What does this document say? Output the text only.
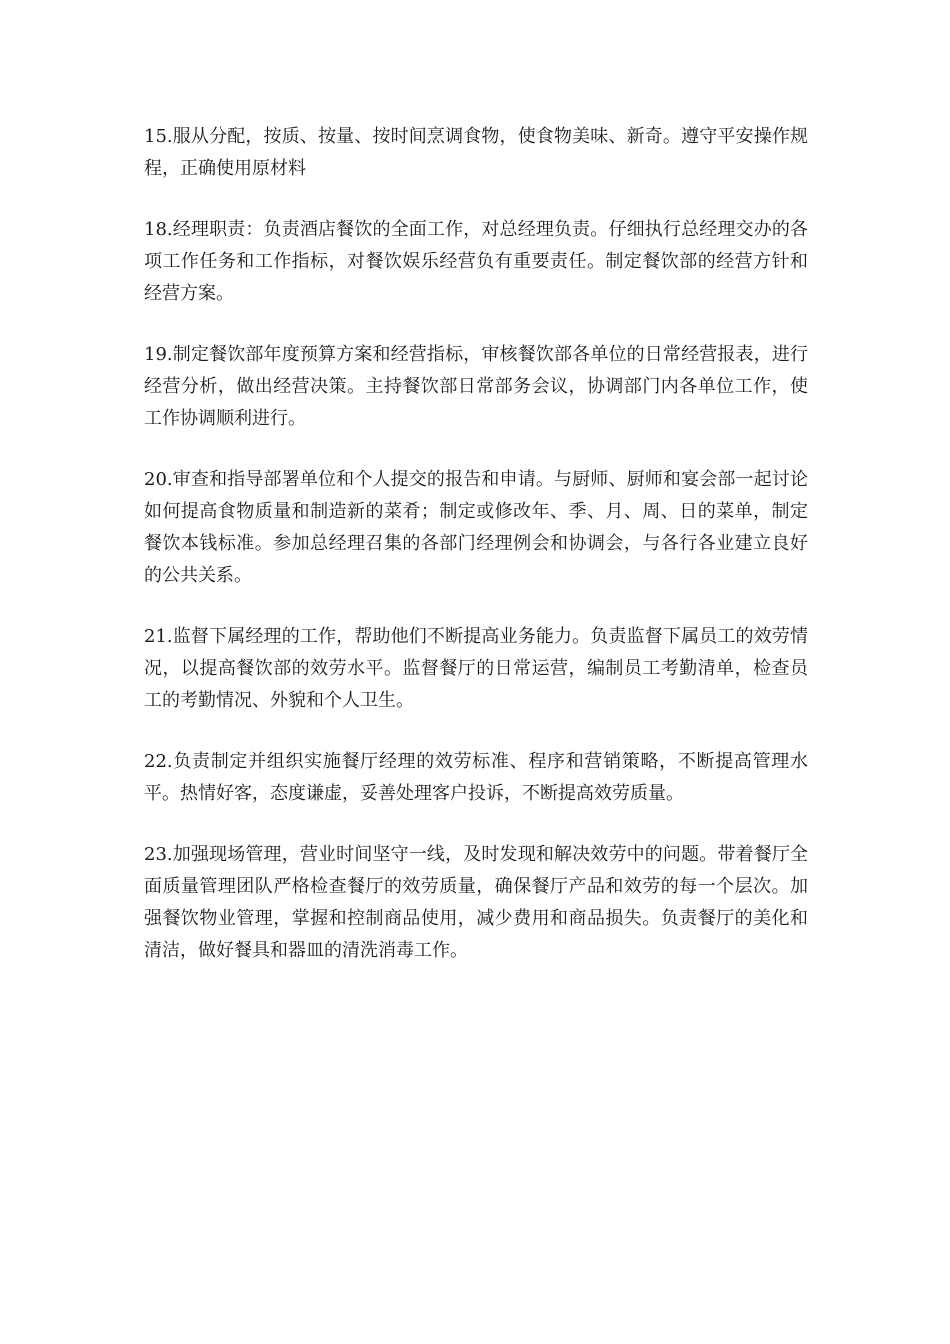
15.服从分配，按质、按量、按时间烹调食物，使食物美味、新奇。遵守平安操作规程，正确使用原材料

18.经理职责：负责酒店餐饮的全面工作，对总经理负责。仔细执行总经理交办的各项工作任务和工作指标，对餐饮娱乐经营负有重要责任。制定餐饮部的经营方针和经营方案。

19.制定餐饮部年度预算方案和经营指标，审核餐饮部各单位的日常经营报表，进行经营分析，做出经营决策。主持餐饮部日常部务会议，协调部门内各单位工作，使工作协调顺利进行。

20.审查和指导部署单位和个人提交的报告和申请。与厨师、厨师和宴会部一起讨论如何提高食物质量和制造新的菜肴；制定或修改年、季、月、周、日的菜单，制定餐饮本钱标准。参加总经理召集的各部门经理例会和协调会，与各行各业建立良好的公共关系。

21.监督下属经理的工作，帮助他们不断提高业务能力。负责监督下属员工的效劳情况，以提高餐饮部的效劳水平。监督餐厅的日常运营，编制员工考勤清单，检查员工的考勤情况、外貌和个人卫生。

22.负责制定并组织实施餐厅经理的效劳标准、程序和营销策略，不断提高管理水平。热情好客，态度谦虚，妥善处理客户投诉，不断提高效劳质量。

23.加强现场管理，营业时间坚守一线，及时发现和解决效劳中的问题。带着餐厅全面质量管理团队严格检查餐厅的效劳质量，确保餐厅产品和效劳的每一个层次。加强餐饮物业管理，掌握和控制商品使用，减少费用和商品损失。负责餐厅的美化和清洁，做好餐具和器皿的清洗消毒工作。
